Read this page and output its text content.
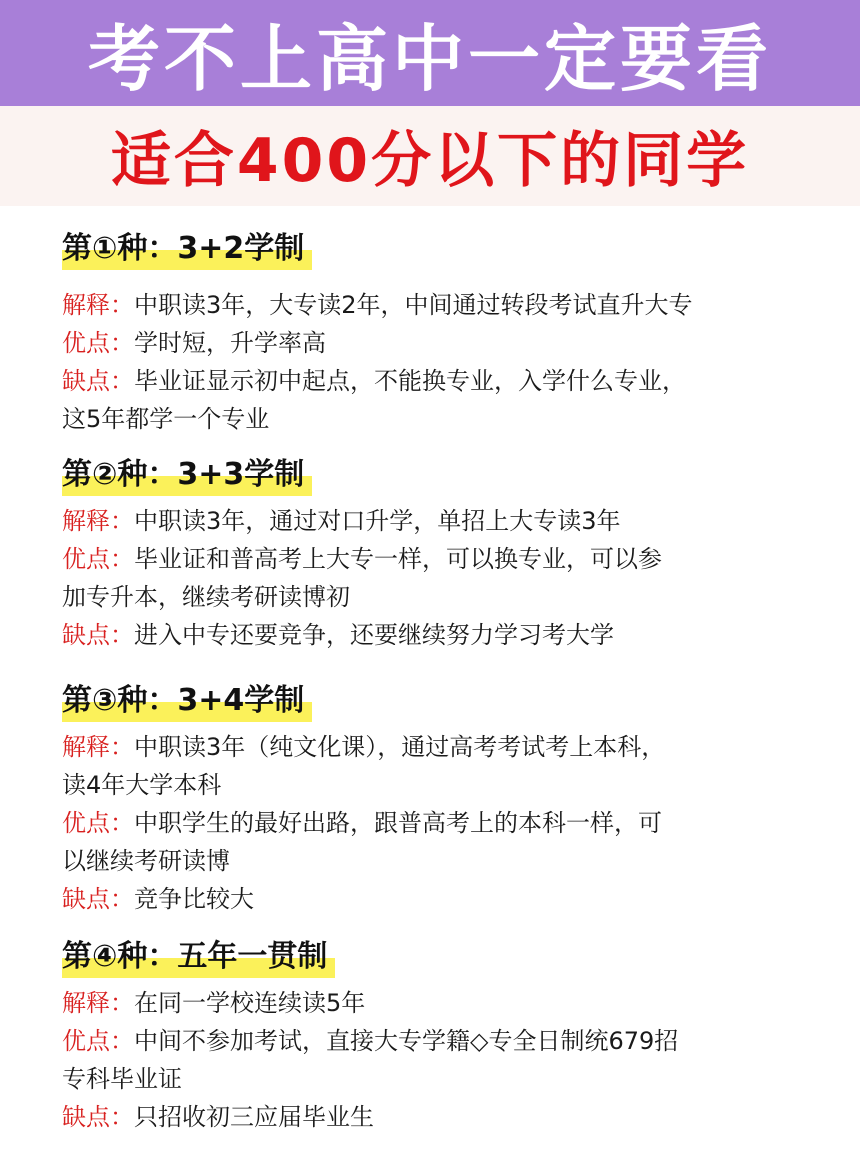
考不上高中一定要看
适合400分以下的同学
第①种：3+2学制
解释：中职读3年，大专读2年，中间通过转段考试直升大专
优点：学时短，升学率高
缺点：毕业证显示初中起点，不能换专业，入学什么专业，
这5年都学一个专业
第②种：3+3学制
解释：中职读3年，通过对口升学，单招上大专读3年
优点：毕业证和普高考上大专一样，可以换专业，可以参
加专升本，继续考研读博初
缺点：进入中专还要竞争，还要继续努力学习考大学
第③种：3+4学制
解释：中职读3年（纯文化课），通过高考考试考上本科，
读4年大学本科
优点：中职学生的最好出路，跟普高考上的本科一样，可
以继续考研读博
缺点：竞争比较大
第④种：五年一贯制
解释：在同一学校连续读5年
优点：中间不参加考试，直接大专学籍◇专全日制统679招
专科毕业证
缺点：只招收初三应届毕业生
